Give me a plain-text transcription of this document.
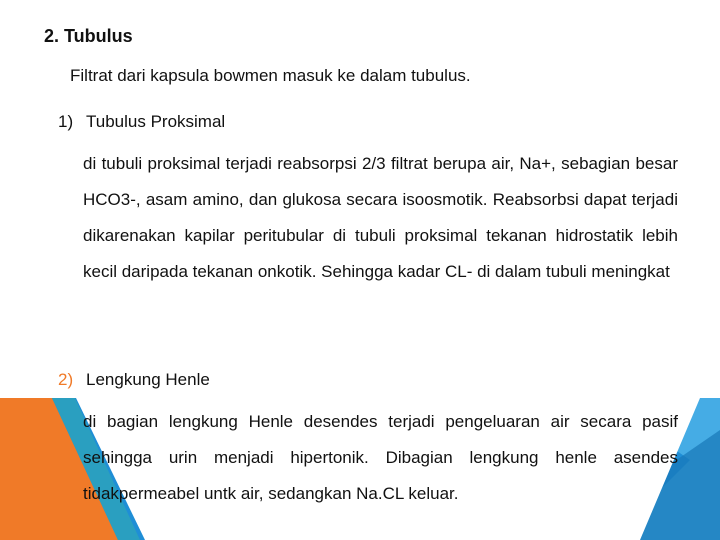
2. Tubulus
Filtrat dari kapsula bowmen masuk ke dalam tubulus.
1) Tubulus Proksimal

di tubuli proksimal terjadi reabsorpsi 2/3 filtrat berupa air, Na+, sebagian besar HCO3-, asam amino, dan glukosa secara isoosmotik. Reabsorbsi dapat terjadi dikarenakan kapilar peritubular di tubuli proksimal tekanan hidrostatik lebih kecil daripada tekanan onkotik. Sehingga kadar CL- di dalam tubuli meningkat

2) Lengkung Henle

di bagian lengkung Henle desendes terjadi pengeluaran air secara pasif sehingga urin menjadi hipertonik. Dibagian lengkung henle asendes tidakpermeabel untk air, sedangkan Na.CL keluar.
